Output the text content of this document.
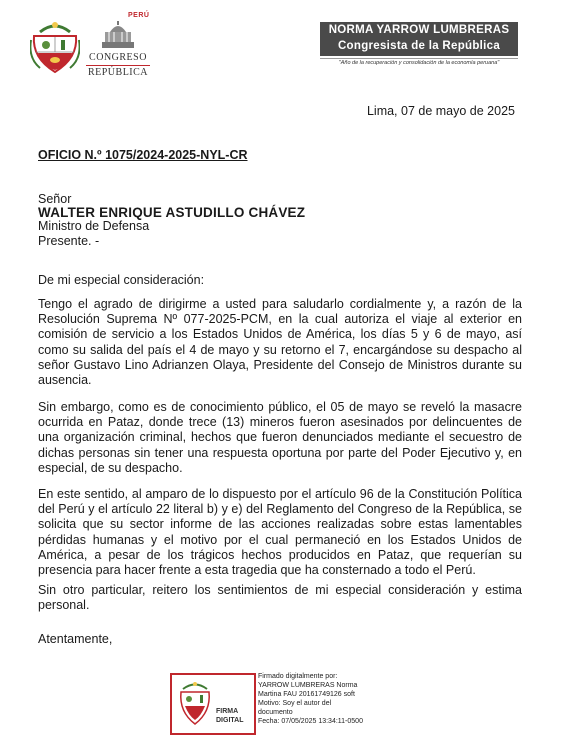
PERÚ
CONGRESO
REPÚBLICA
NORMA YARROW LUMBRERAS
Congresista de la República
"Año de la recuperación y consolidación de la economía peruana"
Lima, 07 de mayo de 2025
OFICIO N.º 1075/2024-2025-NYL-CR
Señor
WALTER ENRIQUE ASTUDILLO CHÁVEZ
Ministro de Defensa
Presente. -
De mi especial consideración:

Tengo el agrado de dirigirme a usted para saludarlo cordialmente y, a razón de la Resolución Suprema Nº 077-2025-PCM, en la cual autoriza el viaje al exterior en comisión de servicio a los Estados Unidos de América, los días 5 y 6 de mayo, así como su salida del país el 4 de mayo y su retorno el 7, encargándose su despacho al señor Gustavo Lino Adrianzen Olaya, Presidente del Consejo de Ministros durante su ausencia.

Sin embargo, como es de conocimiento público, el 05 de mayo se reveló la masacre ocurrida en Pataz, donde trece (13) mineros fueron asesinados por delincuentes de una organización criminal, hechos que fueron denunciados mediante el secuestro de dichas personas sin tener una respuesta oportuna por parte del Poder Ejecutivo y, en especial, de su despacho.

En este sentido, al amparo de lo dispuesto por el artículo 96 de la Constitución Política del Perú y el artículo 22 literal b) y e) del Reglamento del Congreso de la República, se solicita que su sector informe de las acciones realizadas sobre estas lamentables pérdidas humanas y el motivo por el cual permaneció en los Estados Unidos de América, a pesar de los trágicos hechos producidos en Pataz, que requerían su presencia para hacer frente a esta tragedia que ha consternado a todo el Perú.

Sin otro particular, reitero los sentimientos de mi especial consideración y estima personal.

Atentamente,
FIRMA
DIGITAL
Firmado digitalmente por:
YARROW LUMBRERAS Norma
Martina FAU 20161749126 soft
Motivo: Soy el autor del
documento
Fecha: 07/05/2025 13:34:11-0500
